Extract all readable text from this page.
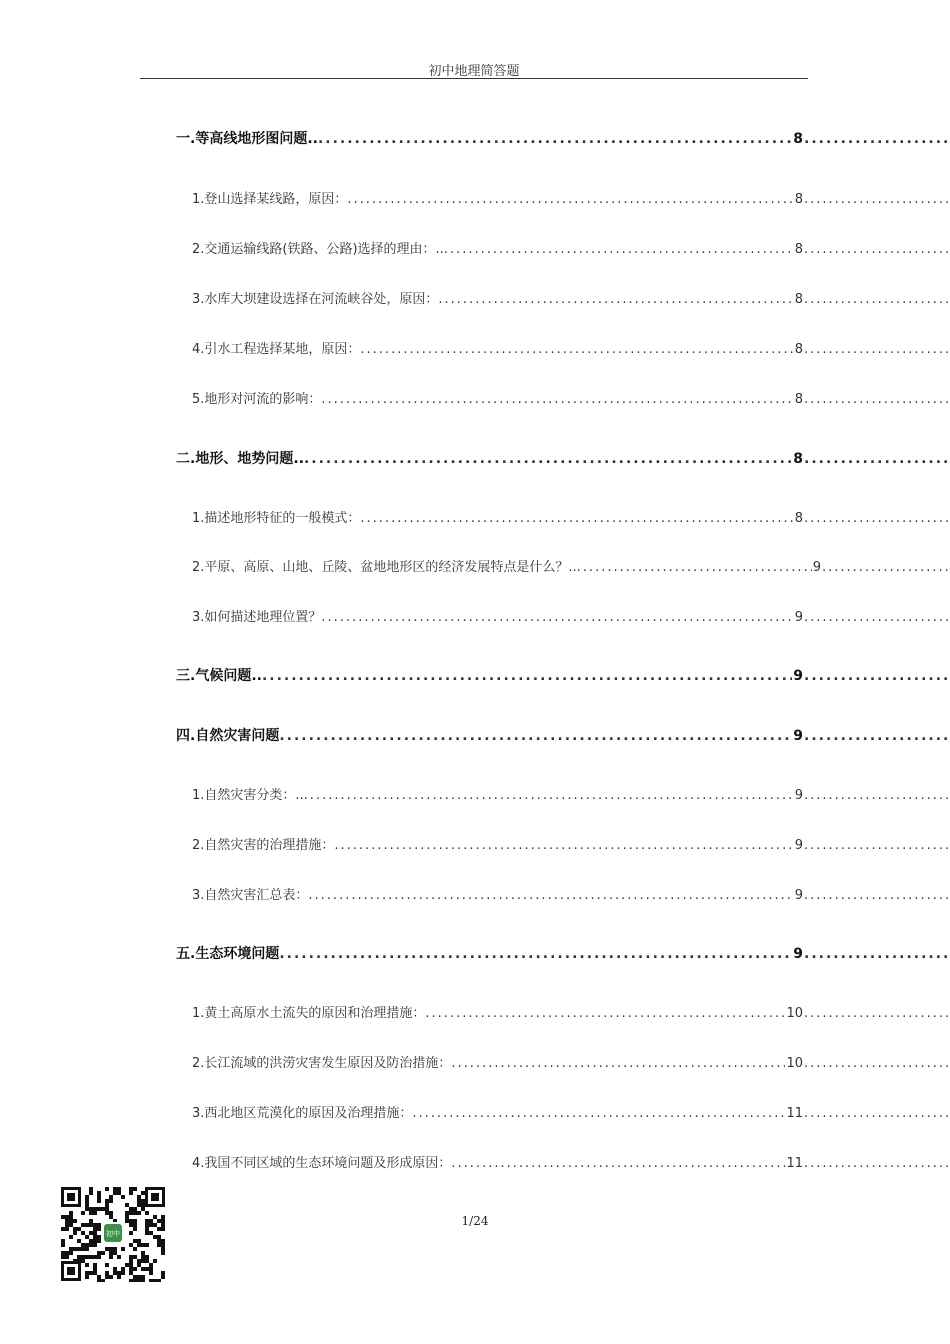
初中地理简答题
一.等高线地形图问题.. .....	8
.....
1.登山选择某线路，原因： .....	8
.....
2.交通运输线路(铁路、公路)选择的理由：.. .....	8
.....
3.水库大坝建设选择在河流峡谷处，原因： .....	8
.....
4.引水工程选择某地，原因： .....	8
.....
5.地形对河流的影响： .....	8
.....
二.地形、地势问题.. .....	8
.....
1.描述地形特征的一般模式： .....	8
.....
2.平原、高原、山地、丘陵、盆地地形区的经济发展特点是什么？.. .....	9
.....
3.如何描述地理位置？ .....	9
.....
三.气候问题.. .....	9
.....
四.自然灾害问题 .....	9
.....
1.自然灾害分类：.. .....	9
.....
2.自然灾害的治理措施： .....	9
.....
3.自然灾害汇总表： .....	9
.....
五.生态环境问题 .....	9
.....
1.黄土高原水土流失的原因和治理措施： .....	10
.....
2.长江流域的洪涝灾害发生原因及防治措施： .....	10
.....
3.西北地区荒漠化的原因及治理措施： .....	11
.....
4.我国不同区域的生态环境问题及形成原因： .....	11
.....
1/24
初中
